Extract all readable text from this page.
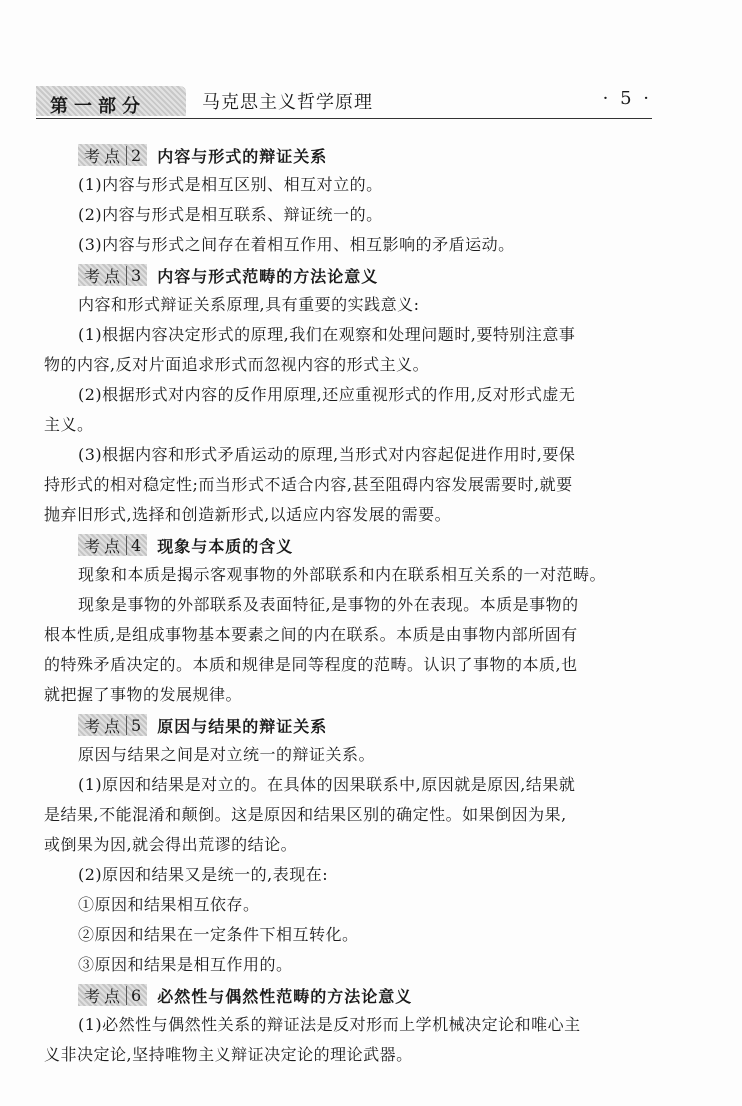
第一部分	马克思主义哲学原理	· 5 ·
考点 2 内容与形式的辩证关系
(1)内容与形式是相互区别、相互对立的。
(2)内容与形式是相互联系、辩证统一的。
(3)内容与形式之间存在着相互作用、相互影响的矛盾运动。
考点 3 内容与形式范畴的方法论意义
内容和形式辩证关系原理,具有重要的实践意义:
(1)根据内容决定形式的原理,我们在观察和处理问题时,要特别注意事
物的内容,反对片面追求形式而忽视内容的形式主义。
(2)根据形式对内容的反作用原理,还应重视形式的作用,反对形式虚无
主义。
(3)根据内容和形式矛盾运动的原理,当形式对内容起促进作用时,要保
持形式的相对稳定性;而当形式不适合内容,甚至阻碍内容发展需要时,就要
抛弃旧形式,选择和创造新形式,以适应内容发展的需要。
考点 4 现象与本质的含义
现象和本质是揭示客观事物的外部联系和内在联系相互关系的一对范畴。
现象是事物的外部联系及表面特征,是事物的外在表现。本质是事物的
根本性质,是组成事物基本要素之间的内在联系。本质是由事物内部所固有
的特殊矛盾决定的。本质和规律是同等程度的范畴。认识了事物的本质,也
就把握了事物的发展规律。
考点 5 原因与结果的辩证关系
原因与结果之间是对立统一的辩证关系。
(1)原因和结果是对立的。在具体的因果联系中,原因就是原因,结果就
是结果,不能混淆和颠倒。这是原因和结果区别的确定性。如果倒因为果,
或倒果为因,就会得出荒谬的结论。
(2)原因和结果又是统一的,表现在:
①原因和结果相互依存。
②原因和结果在一定条件下相互转化。
③原因和结果是相互作用的。
考点 6 必然性与偶然性范畴的方法论意义
(1)必然性与偶然性关系的辩证法是反对形而上学机械决定论和唯心主
义非决定论,坚持唯物主义辩证决定论的理论武器。
